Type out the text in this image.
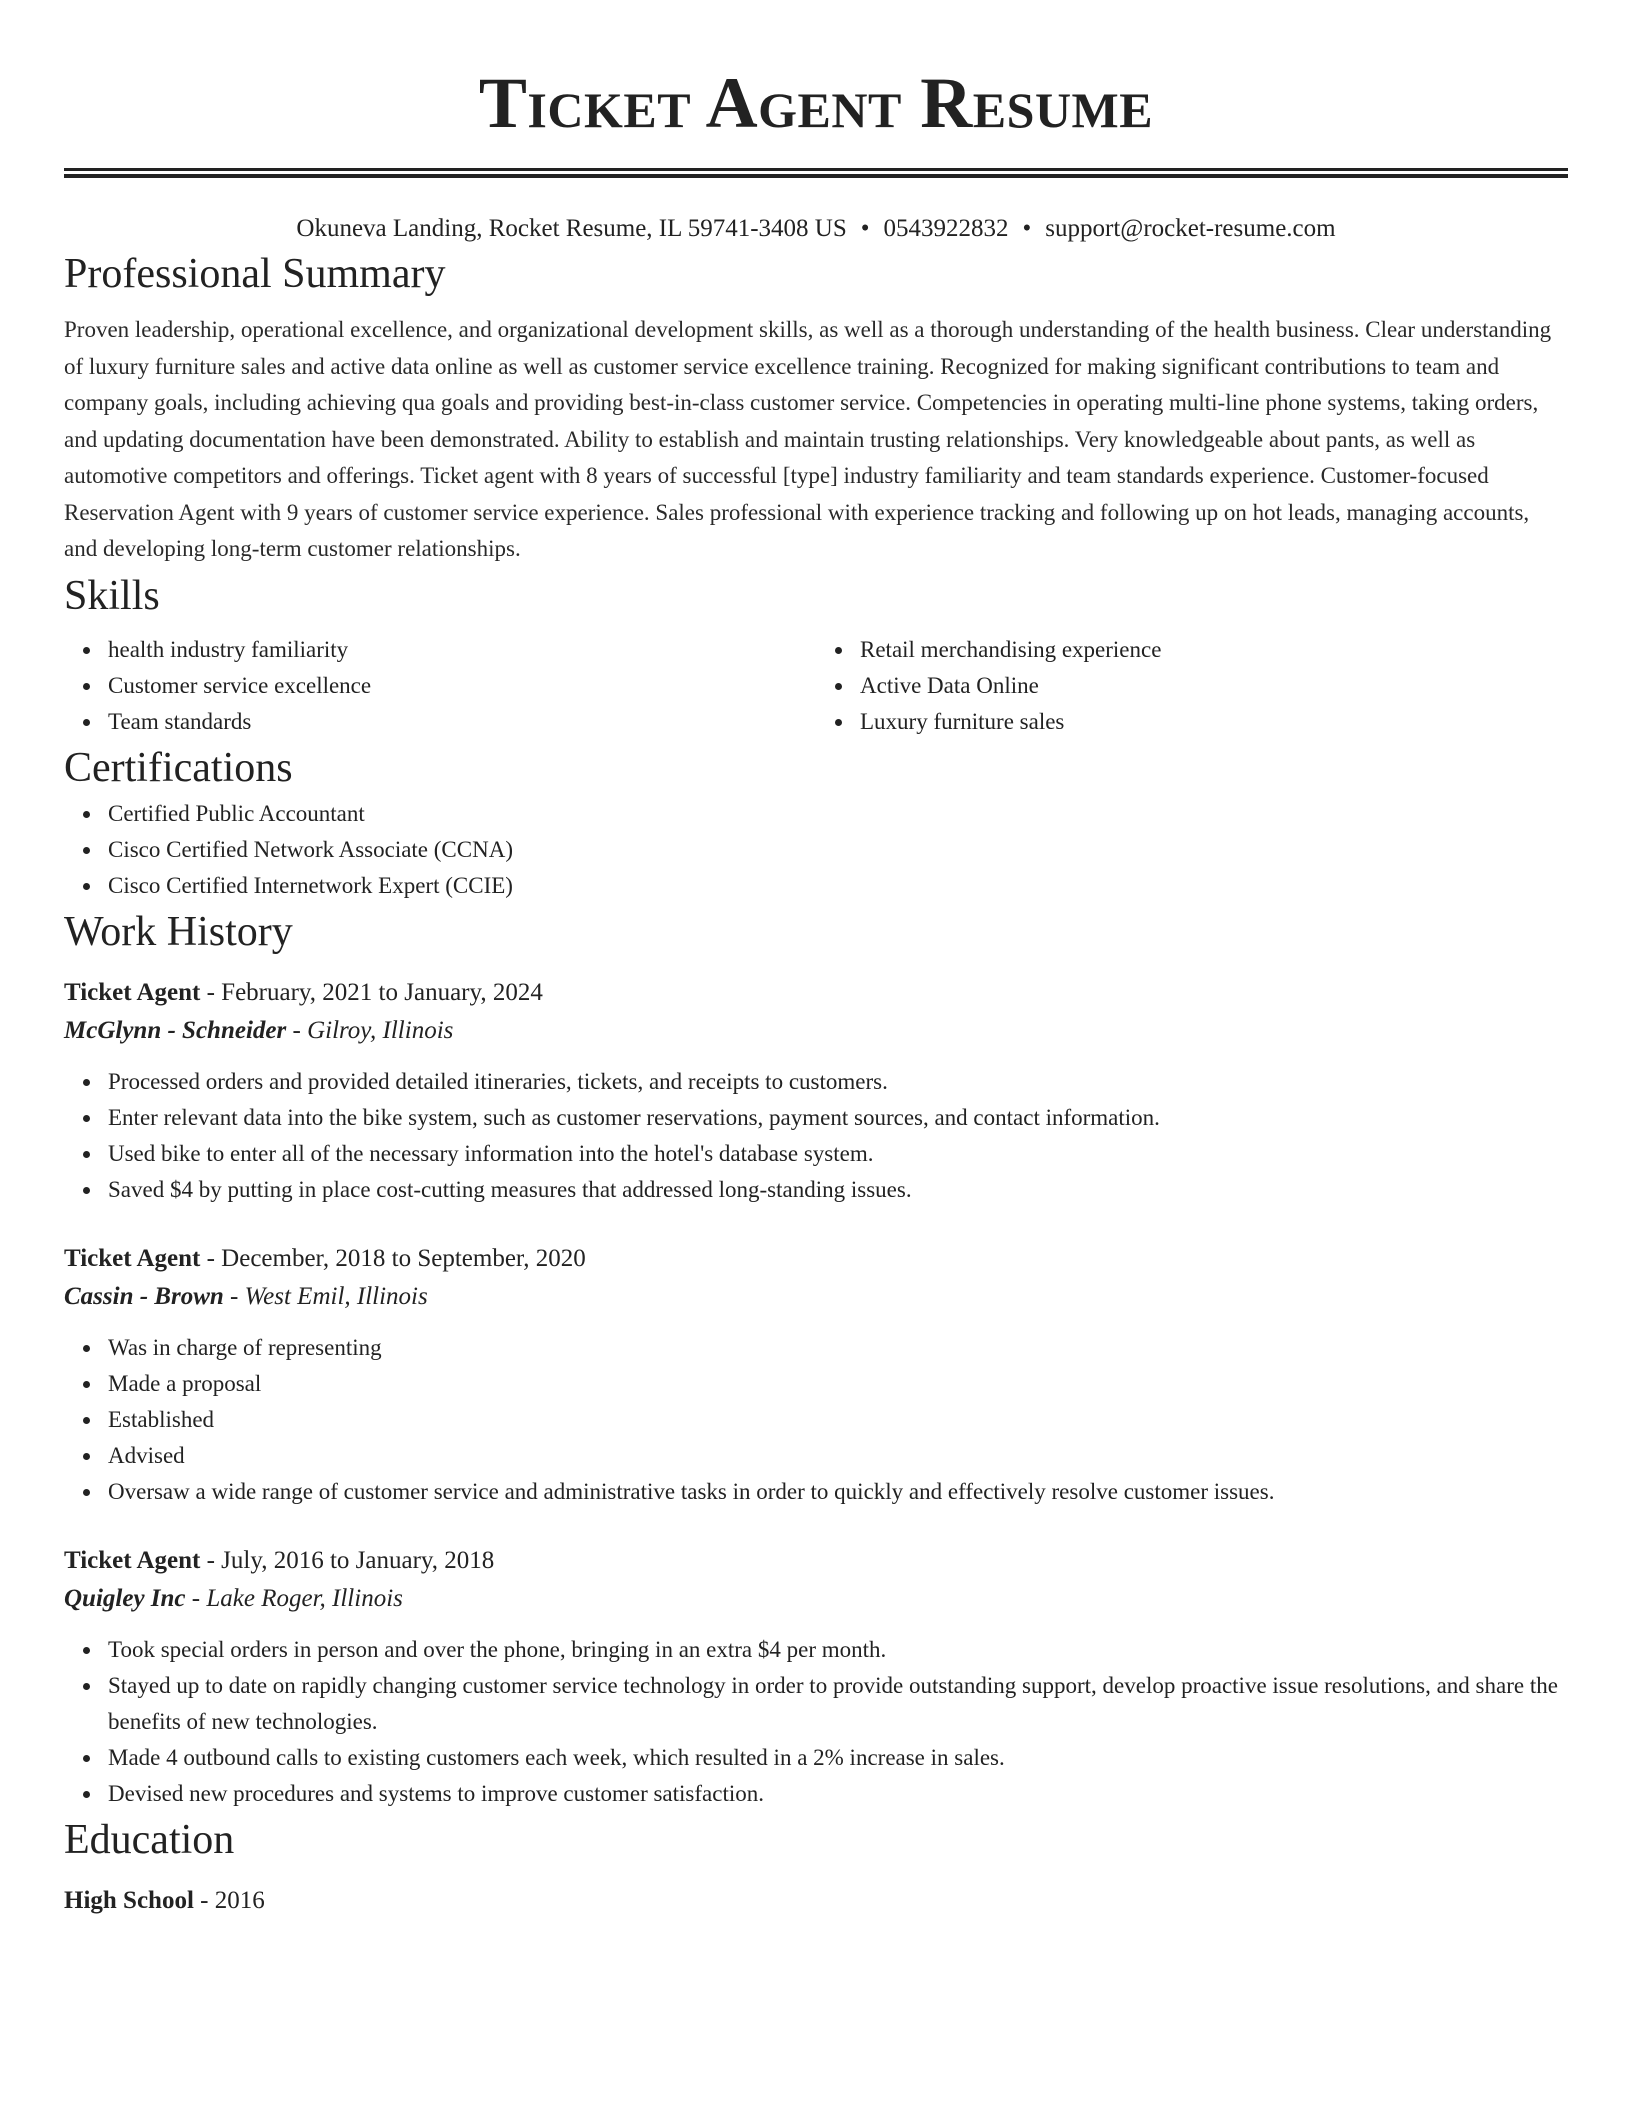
Ticket Agent Resume
Okuneva Landing, Rocket Resume, IL 59741-3408 US • 0543922832 • support@rocket-resume.com
Professional Summary

Proven leadership, operational excellence, and organizational development skills, as well as a thorough understanding of the health business. Clear understanding of luxury furniture sales and active data online as well as customer service excellence training. Recognized for making significant contributions to team and company goals, including achieving qua goals and providing best-in-class customer service. Competencies in operating multi-line phone systems, taking orders, and updating documentation have been demonstrated. Ability to establish and maintain trusting relationships. Very knowledgeable about pants, as well as automotive competitors and offerings. Ticket agent with 8 years of successful [type] industry familiarity and team standards experience. Customer-focused Reservation Agent with 9 years of customer service experience. Sales professional with experience tracking and following up on hot leads, managing accounts, and developing long-term customer relationships.

Skills
health industry familiarity
Customer service excellence
Team standards
Retail merchandising experience
Active Data Online
Luxury furniture sales
Certifications
Certified Public Accountant
Cisco Certified Network Associate (CCNA)
Cisco Certified Internetwork Expert (CCIE)
Work History
Ticket Agent - February, 2021 to January, 2024
McGlynn - Schneider - Gilroy, Illinois
Processed orders and provided detailed itineraries, tickets, and receipts to customers.
Enter relevant data into the bike system, such as customer reservations, payment sources, and contact information.
Used bike to enter all of the necessary information into the hotel's database system.
Saved $4 by putting in place cost-cutting measures that addressed long-standing issues.
Ticket Agent - December, 2018 to September, 2020
Cassin - Brown - West Emil, Illinois
Was in charge of representing
Made a proposal
Established
Advised
Oversaw a wide range of customer service and administrative tasks in order to quickly and effectively resolve customer issues.
Ticket Agent - July, 2016 to January, 2018
Quigley Inc - Lake Roger, Illinois
Took special orders in person and over the phone, bringing in an extra $4 per month.
Stayed up to date on rapidly changing customer service technology in order to provide outstanding support, develop proactive issue resolutions, and share the benefits of new technologies.
Made 4 outbound calls to existing customers each week, which resulted in a 2% increase in sales.
Devised new procedures and systems to improve customer satisfaction.
Education
High School - 2016
